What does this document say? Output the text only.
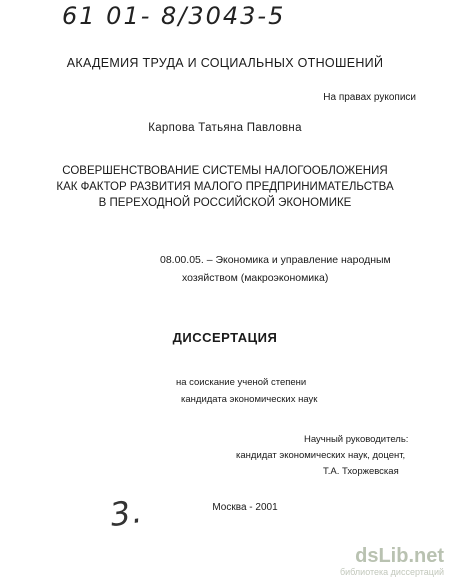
61 01- 8/3043-5
АКАДЕМИЯ ТРУДА И СОЦИАЛЬНЫХ ОТНОШЕНИЙ
На правах рукописи
Карпова Татьяна Павловна
СОВЕРШЕНСТВОВАНИЕ СИСТЕМЫ НАЛОГООБЛОЖЕНИЯ
КАК ФАКТОР РАЗВИТИЯ МАЛОГО ПРЕДПРИНИМАТЕЛЬСТВА
В ПЕРЕХОДНОЙ РОССИЙСКОЙ ЭКОНОМИКЕ
08.00.05. – Экономика и управление народным
хозяйством (макроэкономика)
ДИССЕРТАЦИЯ
на соискание ученой степени
кандидата экономических наук
Научный руководитель:
кандидат экономических наук, доцент,
Т.А. Тхоржевская
3.	Москва - 2001
dsLib.net
библиотека диссертаций
